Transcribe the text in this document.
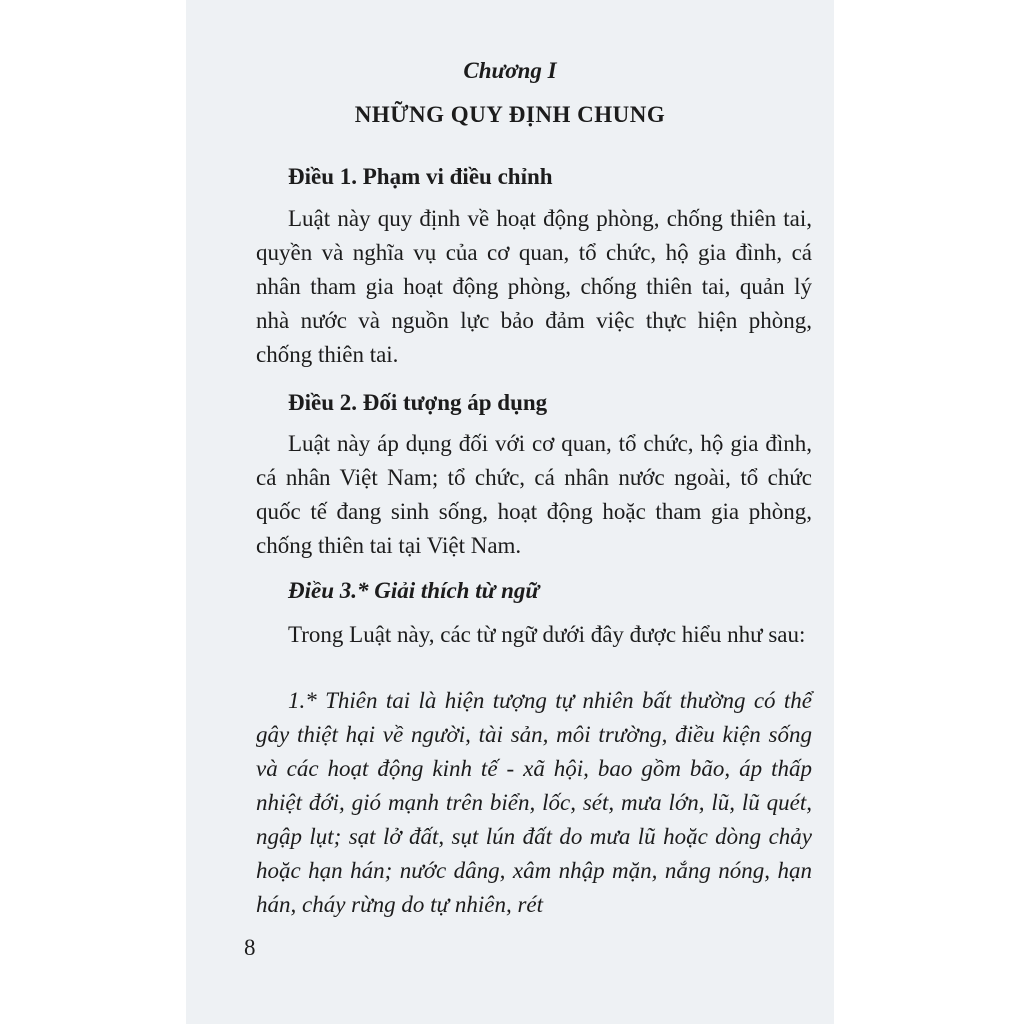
Chương I
NHỮNG QUY ĐỊNH CHUNG
Điều 1. Phạm vi điều chỉnh

Luật này quy định về hoạt động phòng, chống thiên tai, quyền và nghĩa vụ của cơ quan, tổ chức, hộ gia đình, cá nhân tham gia hoạt động phòng, chống thiên tai, quản lý nhà nước và nguồn lực bảo đảm việc thực hiện phòng, chống thiên tai.

Điều 2. Đối tượng áp dụng

Luật này áp dụng đối với cơ quan, tổ chức, hộ gia đình, cá nhân Việt Nam; tổ chức, cá nhân nước ngoài, tổ chức quốc tế đang sinh sống, hoạt động hoặc tham gia phòng, chống thiên tai tại Việt Nam.

Điều 3.* Giải thích từ ngữ

Trong Luật này, các từ ngữ dưới đây được hiểu như sau:

1.* Thiên tai là hiện tượng tự nhiên bất thường có thể gây thiệt hại về người, tài sản, môi trường, điều kiện sống và các hoạt động kinh tế - xã hội, bao gồm bão, áp thấp nhiệt đới, gió mạnh trên biển, lốc, sét, mưa lớn, lũ, lũ quét, ngập lụt; sạt lở đất, sụt lún đất do mưa lũ hoặc dòng chảy hoặc hạn hán; nước dâng, xâm nhập mặn, nắng nóng, hạn hán, cháy rừng do tự nhiên, rét

8
